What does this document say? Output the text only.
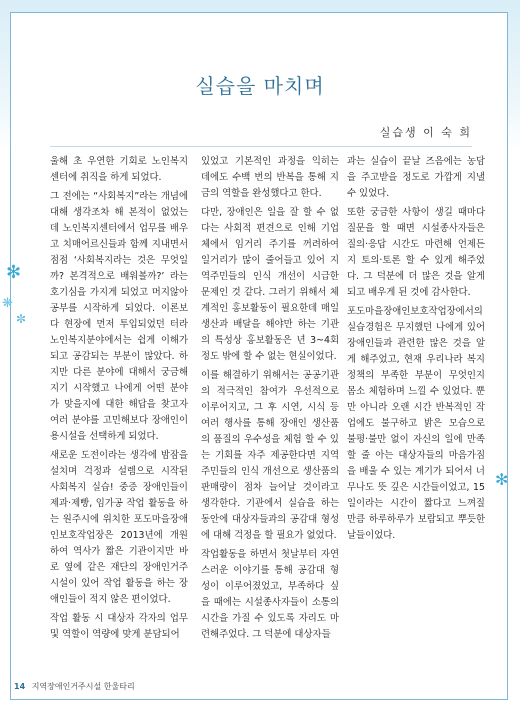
실습을 마치며
실습생 이 숙 희
✻
❋
✼
✻

울해 초 우연한 기회로 노인복지센터에 취직을 하게 되었다.

그 전에는 “사회복지”라는 개념에 대해 생각조차 해 본적이 없었는데 노인복지센터에서 업무를 배우고 치매어르신들과 함께 지내면서 점점 ‘사회복지라는 것은 무엇일까? 본격적으로 배워볼까?’ 라는 호기심을 가지게 되었고 머지않아 공부를 시작하게 되었다. 이론보다 현장에 먼저 투입되었던 터라 노인복지분야에서는 쉽게 이해가 되고 공감되는 부분이 많았다. 하지만 다른 분야에 대해서 궁금해지기 시작했고 나에게 어떤 분야가 맞을지에 대한 해답을 찾고자 여러 분야를 고민해보다 장애인이용시설을 선택하게 되었다.

새로운 도전이라는 생각에 밤잠을 설치며 걱정과 설렘으로 시작된 사회복지 실습! 중증 장애인들이 제과·제빵, 임가공 작업 활동을 하는 원주시에 위치한 포도마을장애인보호작업장은 2013년에 개원하여 역사가 짧은 기관이지만 바로 옆에 같은 재단의 장애인거주시설이 있어 작업 활동을 하는 장애인들이 적지 않은 편이었다.

작업 활동 시 대상자 각자의 업무 및 역할이 역량에 맞게 분담되어

있었고 기본적인 과정을 익히는 데에도 수백 번의 반복을 통해 지금의 역할을 완성했다고 한다.

다만, 장애인은 일을 잘 할 수 없다는 사회적 편견으로 인해 기업체에서 임거리 주기를 꺼려하여 일거리가 많이 줄어들고 있어 지역주민들의 인식 개선이 시급한 문제인 것 같다. 그러기 위해서 체계적인 홍보활동이 필요한데 매일 생산과 배달을 해야만 하는 기관의 특성상 홍보활동은 년 3~4회 정도 밖에 할 수 없는 현실이었다.

이를 해결하기 위해서는 공공기관의 적극적인 참여가 우선적으로 이루어지고, 그 후 시연, 시식 등 여러 행사를 통해 장애인 생산품의 품질의 우수성을 체험 할 수 있는 기회를 자주 제공한다면 지역주민들의 인식 개선으로 생산품의 판매량이 점차 늘어날 것이라고 생각한다. 기관에서 실습을 하는 동안에 대상자들과의 공감대 형성에 대해 걱정을 할 필요가 없었다.

작업활동을 하면서 첫날부터 자연스러운 이야기를 통해 공감대 형성이 이루어졌었고, 부족하다 싶을 때에는 시설종사자들이 소통의 시간을 가질 수 있도록 자리도 마련해주었다. 그 덕분에 대상자들

과는 실습이 끝날 즈음에는 농담을 주고받을 정도로 가깝게 지낼 수 있었다.

또한 궁금한 사항이 생길 때마다 질문을 할 때면 시설종사자들은 질의·응답 시간도 마련해 언제든지 토의·토론 할 수 있게 해주었다. 그 덕분에 더 많은 것을 알게 되고 배우게 된 것에 감사한다.

포도마을장애인보호작업장에서의 실습경험은 무지했던 나에게 있어 장애인들과 관련한 많은 것을 알게 해주었고, 현재 우리나라 복지정책의 부족한 부분이 무엇인지 몸소 체험하며 느낄 수 있었다. 뿐만 아니라 오랜 시간 반복적인 작업에도 불구하고 밝은 모습으로 불평·불만 없이 자신의 일에 만족할 줄 아는 대상자들의 마음가짐을 배울 수 있는 계기가 되어서 너무나도 뜻 깊은 시간들이었고, 15일이라는 시간이 짧다고 느껴질 만큼 하루하루가 보람되고 뿌듯한 날들이었다.

14 지역장애인거주시설 한울타리
